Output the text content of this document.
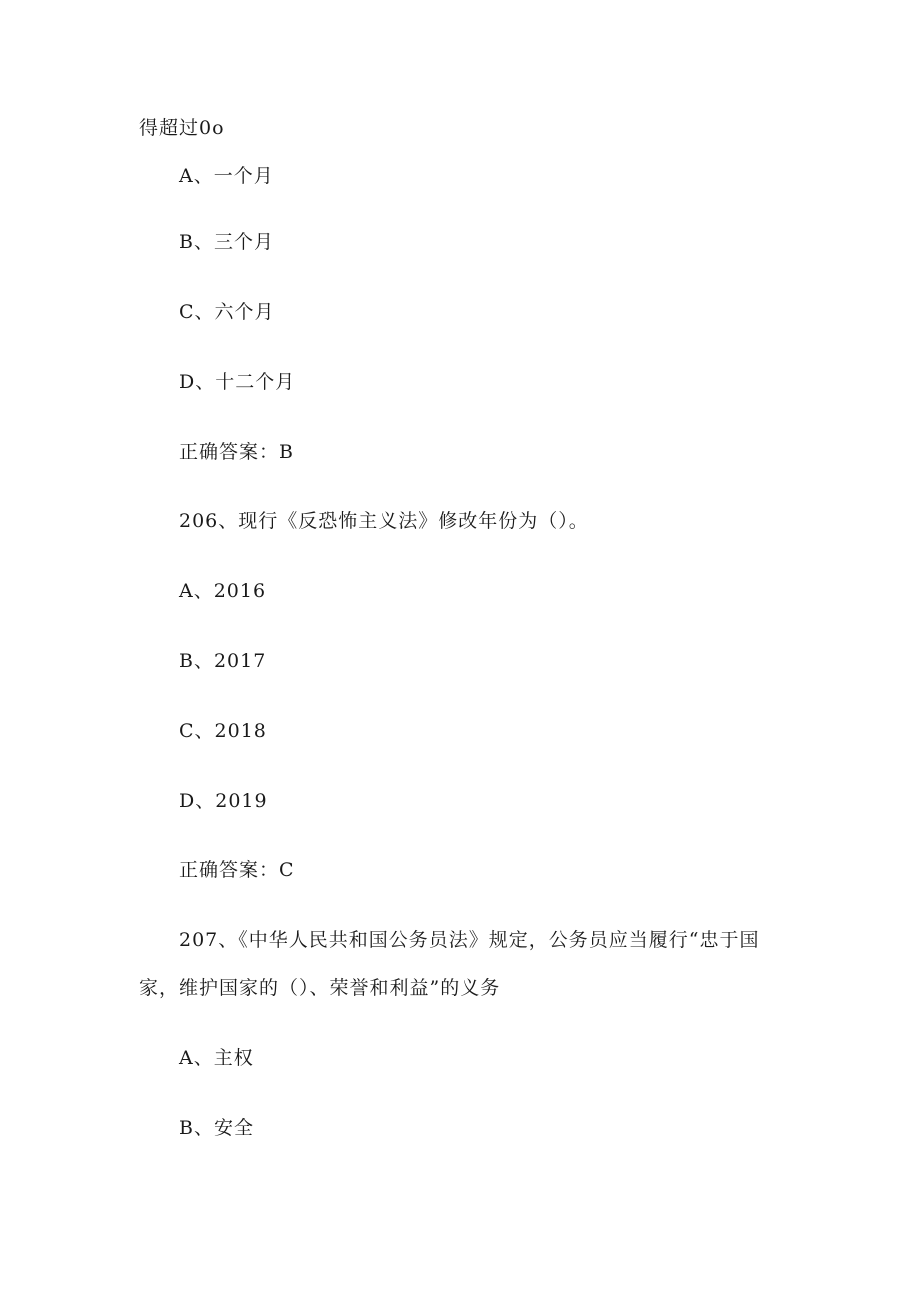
得超过0o
A、一个月
B、三个月
C、六个月
D、十二个月
正确答案：B
206、现行《反恐怖主义法》修改年份为（）。
A、2016
B、2017
C、2018
D、2019
正确答案：C
207、《中华人民共和国公务员法》规定，公务员应当履行“忠于国
家，维护国家的（）、荣誉和利益”的义务
A、主权
B、安全
